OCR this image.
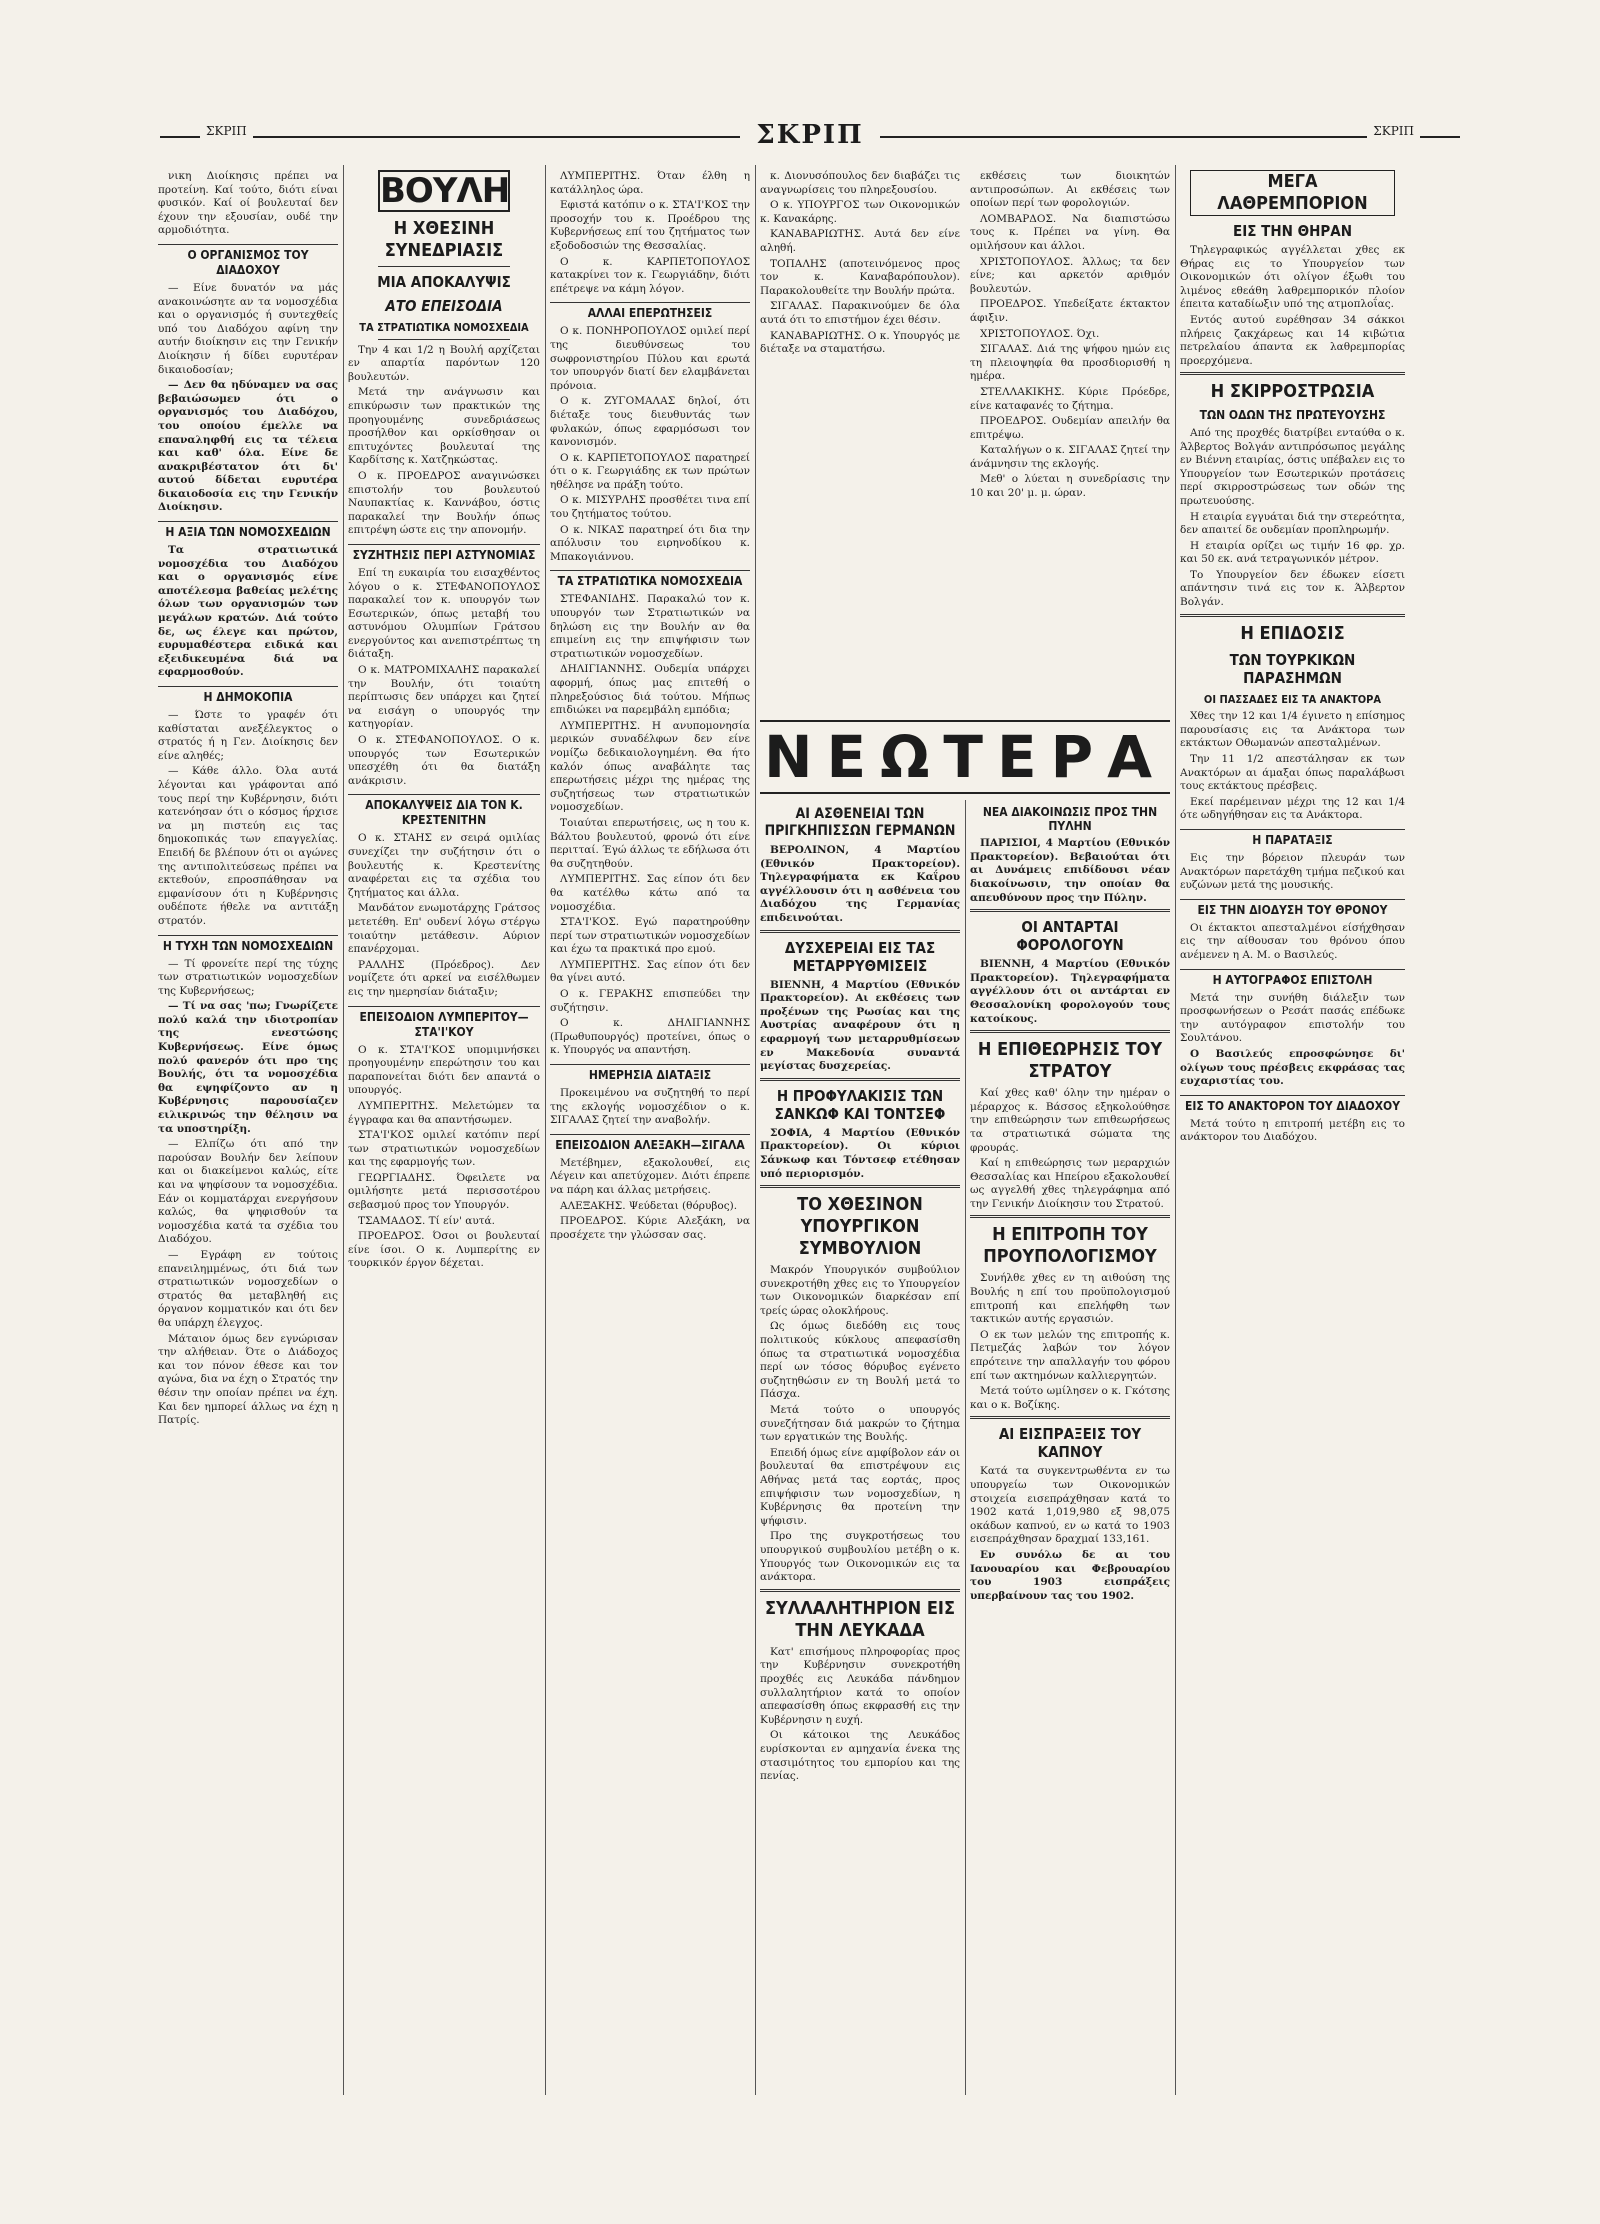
ΣΚΡΙΠ	ΣΚΡΙΠ	ΣΚΡΙΠ

νικη Διοίκησις πρέπει να προτείνη. Καί τούτο, διότι είναι φυσικόν. Καί οί βουλευταί δεν έχουν την εξουσίαν, ουδέ την αρμοδιότητα.

Ο ΟΡΓΑΝΙΣΜΟΣ ΤΟΥ ΔΙΑΔΟΧΟΥ

— Είνε δυνατόν να μάς ανακοινώσητε αν τα νομοσχέδια και ο οργανισμός ή συντεχθείς υπό του Διαδόχου αφίνη την αυτήν διοίκησιν εις την Γενικήν Διοίκησιν ή δίδει ευρυτέραν δικαιοδοσίαν;

— Δεν θα ηδύναμεν να σας βεβαιώσωμεν ότι ο οργανισμός του Διαδόχου, του οποίου έμελλε να επαναληφθή εις τα τέλεια και καθ' όλα. Είνε δε ανακριβέστατον ότι δι' αυτού δίδεται ευρυτέρα δικαιοδοσία εις την Γενικήν Διοίκησιν.

Η ΑΞΙΑ ΤΩΝ ΝΟΜΟΣΧΕΔΙΩΝ

Τα στρατιωτικά νομοσχέδια του Διαδόχου και ο οργανισμός είνε αποτέλεσμα βαθείας μελέτης όλων των οργανισμών των μεγάλων κρατών. Διά τούτο δε, ως έλεγε και πρώτον, ευρυμαθέστερα ειδικά και εξειδικευμένα διά να εφαρμοσθούν.

Η ΔΗΜΟΚΟΠΙΑ

— Ώστε το γραφέν ότι καθίσταται ανεξέλεγκτος ο στρατός ή η Γεν. Διοίκησις δεν είνε αληθές;

— Κάθε άλλο. Όλα αυτά λέγονται και γράφονται από τους περί την Κυβέρνησιν, διότι κατενόησαν ότι ο κόσμος ήρχισε να μη πιστεύη εις τας δημοκοπικάς των επαγγελίας. Επειδή δε βλέπουν ότι οι αγώνες της αντιπολιτεύσεως πρέπει να εκτεθούν, επροσπάθησαν να εμφανίσουν ότι η Κυβέρνησις ουδέποτε ήθελε να αντιτάξη στρατόν.

Η ΤΥΧΗ ΤΩΝ ΝΟΜΟΣΧΕΔΙΩΝ

— Τί φρονείτε περί της τύχης των στρατιωτικών νομοσχεδίων της Κυβερνήσεως;

— Τί να σας 'πω; Γνωρίζετε πολύ καλά την ιδιοτροπίαν της ενεστώσης Κυβερνήσεως. Είνε όμως πολύ φανερόν ότι προ της Βουλής, ότι τα νομοσχέδια θα εψηφίζοντο αν η Κυβέρνησις παρουσίαζεν ειλικρινώς την θέλησιν να τα υποστηρίξη.

— Ελπίζω ότι από την παρούσαν Βουλήν δεν λείπουν και οι διακείμενοι καλώς, είτε και να ψηφίσουν τα νομοσχέδια. Εάν οι κομματάρχαι ενεργήσουν καλώς, θα ψηφισθούν τα νομοσχέδια κατά τα σχέδια του Διαδόχου.

— Εγράφη εν τούτοις επανειλημμένως, ότι διά των στρατιωτικών νομοσχεδίων ο στρατός θα μεταβληθή εις όργανον κομματικόν και ότι δεν θα υπάρχη έλεγχος.

Μάταιον όμως δεν εγνώρισαν την αλήθειαν. Ότε ο Διάδοχος και τον πόνον έθεσε και τον αγώνα, δια να έχη ο Στρατός την θέσιν την οποίαν πρέπει να έχη. Και δεν ημπορεί άλλως να έχη η Πατρίς.

ΒΟΥΛΗ
Η ΧΘΕΣΙΝΗ ΣΥΝΕΔΡΙΑΣΙΣ
ΜΙΑ ΑΠΟΚΑΛΥΨΙΣ
ΑΤΟ ΕΠΕΙΣΟΔΙΑ
ΤΑ ΣΤΡΑΤΙΩΤΙΚΑ ΝΟΜΟΣΧΕΔΙΑ

Την 4 και 1/2 η Βουλή αρχίζεται εν απαρτία παρόντων 120 βουλευτών.

Μετά την ανάγνωσιν και επικύρωσιν των πρακτικών της προηγουμένης συνεδριάσεως προσήλθον και ορκίσθησαν οι επιτυχόντες βουλευταί της Καρδίτσης κ. Χατζηκώστας.

Ο κ. ΠΡΟΕΔΡΟΣ αναγινώσκει επιστολήν του βουλευτού Ναυπακτίας κ. Καννάβου, όστις παρακαλεί την Βουλήν όπως επιτρέψη ώστε εις την απονομήν.

ΣΥΖΗΤΗΣΙΣ ΠΕΡΙ ΑΣΤΥΝΟΜΙΑΣ

Επί τη ευκαιρία του εισαχθέντος λόγου ο κ. ΣΤΕΦΑΝΟΠΟΥΛΟΣ παρακαλεί τον κ. υπουργόν των Εσωτερικών, όπως μεταβή του αστυνόμου Ολυμπίων Γράτσου ενεργούντος και ανεπιστρέπτως τη διάταξη.

Ο κ. ΜΑΤΡΟΜΙΧΑΛΗΣ παρακαλεί την Βουλήν, ότι τοιαύτη περίπτωσις δεν υπάρχει και ζητεί να εισάγη ο υπουργός την κατηγορίαν.

Ο κ. ΣΤΕΦΑΝΟΠΟΥΛΟΣ. Ο κ. υπουργός των Εσωτερικών υπεσχέθη ότι θα διατάξη ανάκρισιν.

ΑΠΟΚΑΛΥΨΕΙΣ ΔΙΑ ΤΟΝ Κ. ΚΡΕΣΤΕΝΙΤΗΝ

Ο κ. ΣΤΑΗΣ εν σειρά ομιλίας συνεχίζει την συζήτησιν ότι ο βουλευτής κ. Κρεστενίτης αναφέρεται εις τα σχέδια του ζητήματος και άλλα.

Μανδάτον ενωμοτάρχης Γράτσος μετετέθη. Επ' ουδενί λόγω στέργω τοιαύτην μετάθεσιν. Αύριον επανέρχομαι.

ΡΑΛΛΗΣ (Πρόεδρος). Δεν νομίζετε ότι αρκεί να εισέλθωμεν εις την ημερησίαν διάταξιν;

ΕΠΕΙΣΟΔΙΟΝ ΛΥΜΠΕΡΙΤΟΥ—ΣΤΑ'Ι'ΚΟΥ

Ο κ. ΣΤΑ'Ι'ΚΟΣ υπομιμνήσκει προηγουμένην επερώτησιν του και παραπονείται διότι δεν απαντά ο υπουργός.

ΛΥΜΠΕΡΙΤΗΣ. Μελετώμεν τα έγγραφα και θα απαντήσωμεν.

ΣΤΑ'Ι'ΚΟΣ ομιλεί κατόπιν περί των στρατιωτικών νομοσχεδίων και της εφαρμογής των.

ΓΕΩΡΓΙΑΔΗΣ. Όφειλετε να ομιλήσητε μετά περισσοτέρου σεβασμού προς τον Υπουργόν.

ΤΣΑΜΑΔΟΣ. Τί είν' αυτά.

ΠΡΟΕΔΡΟΣ. Όσοι οι βουλευταί είνε ίσοι. Ο κ. Λυμπερίτης εν τουρκικόν έργον δέχεται.

ΛΥΜΠΕΡΙΤΗΣ. Όταν έλθη η κατάλληλος ώρα.

Εφιστά κατόπιν ο κ. ΣΤΑ'Ι'ΚΟΣ την προσοχήν του κ. Προέδρου της Κυβερνήσεως επί του ζητήματος των εξοδοδοσιών της Θεσσαλίας.

Ο κ. ΚΑΡΠΕΤΟΠΟΥΛΟΣ κατακρίνει τον κ. Γεωργιάδην, διότι επέτρεψε να κάμη λόγον.

ΑΛΛΑΙ ΕΠΕΡΩΤΗΣΕΙΣ

Ο κ. ΠΟΝΗΡΟΠΟΥΛΟΣ ομιλεί περί της διευθύνσεως του σωφρονιστηρίου Πύλου και ερωτά τον υπουργόν διατί δεν ελαμβάνεται πρόνοια.

Ο κ. ΖΥΓΟΜΑΛΑΣ δηλοί, ότι διέταξε τους διευθυντάς των φυλακών, όπως εφαρμόσωσι τον κανονισμόν.

Ο κ. ΚΑΡΠΕΤΟΠΟΥΛΟΣ παρατηρεί ότι ο κ. Γεωργιάδης εκ των πρώτων ηθέλησε να πράξη τούτο.

Ο κ. ΜΙΣΥΡΛΗΣ προσθέτει τινα επί του ζητήματος τούτου.

Ο κ. ΝΙΚΑΣ παρατηρεί ότι δια την απόλυσιν του ειρηνοδίκου κ. Μπακογιάννου.

ΤΑ ΣΤΡΑΤΙΩΤΙΚΑ ΝΟΜΟΣΧΕΔΙΑ

ΣΤΕΦΑΝΙΔΗΣ. Παρακαλώ τον κ. υπουργόν των Στρατιωτικών να δηλώση εις την Βουλήν αν θα επιμείνη εις την επιψήφισιν των στρατιωτικών νομοσχεδίων.

ΔΗΛΙΓΙΑΝΝΗΣ. Ουδεμία υπάρχει αφορμή, όπως μας επιτεθή ο πληρεξούσιος διά τούτου. Μήπως επιδιώκει να παρεμβάλη εμπόδια;

ΛΥΜΠΕΡΙΤΗΣ. Η ανυπομονησία μερικών συναδέλφων δεν είνε νομίζω δεδικαιολογημένη. Θα ήτο καλόν όπως αναβάλητε τας επερωτήσεις μέχρι της ημέρας της συζητήσεως των στρατιωτικών νομοσχεδίων.

Τοιαύται επερωτήσεις, ως η του κ. Βάλτου βουλευτού, φρονώ ότι είνε περιτταί. Έγώ άλλως τε εδήλωσα ότι θα συζητηθούν.

ΛΥΜΠΕΡΙΤΗΣ. Σας είπον ότι δεν θα κατέλθω κάτω από τα νομοσχέδια.

ΣΤΑ'Ι'ΚΟΣ. Εγώ παρατηρούθην περί των στρατιωτικών νομοσχεδίων και έχω τα πρακτικά προ εμού.

ΛΥΜΠΕΡΙΤΗΣ. Σας είπον ότι δεν θα γίνει αυτό.

Ο κ. ΓΕΡΑΚΗΣ επισπεύδει την συζήτησιν.

Ο κ. ΔΗΛΙΓΙΑΝΝΗΣ (Πρωθυπουργός) προτείνει, όπως ο κ. Υπουργός να απαντήση.

ΗΜΕΡΗΣΙΑ ΔΙΑΤΑΞΙΣ

Προκειμένου να συζητηθή το περί της εκλογής νομοσχέδιον ο κ. ΣΙΓΑΛΑΣ ζητεί την αναβολήν.

ΕΠΕΙΣΟΔΙΟΝ ΑΛΕΞΑΚΗ—ΣΙΓΑΛΑ

Μετέβημεν, εξακολουθεί, εις Λέγειν και απετύχομεν. Διότι έπρεπε να πάρη και άλλας μετρήσεις.

ΑΛΕΞΑΚΗΣ. Ψεύδεται (θόρυβος).

ΠΡΟΕΔΡΟΣ. Κύριε Αλεξάκη, να προσέχετε την γλώσσαν σας.

κ. Διονυσόπουλος δεν διαβάζει τις αναγνωρίσεις του πληρεξουσίου.

Ο κ. ΥΠΟΥΡΓΟΣ των Οικονομικών κ. Κανακάρης.

ΚΑΝΑΒΑΡΙΩΤΗΣ. Αυτά δεν είνε αληθή.

ΤΟΠΑΛΗΣ (αποτεινόμενος προς τον κ. Καναβαρόπουλον). Παρακολουθείτε την Βουλήν πρώτα.

ΣΙΓΑΛΑΣ. Παρακινούμεν δε όλα αυτά ότι το επιστήμον έχει θέσιν.

ΚΑΝΑΒΑΡΙΩΤΗΣ. Ο κ. Υπουργός με διέταξε να σταματήσω.

εκθέσεις των διοικητών αντιπροσώπων. Αι εκθέσεις των οποίων περί των φορολογιών.

ΛΟΜΒΑΡΔΟΣ. Να διαπιστώσω τους κ. Πρέπει να γίνη. Θα ομιλήσουν και άλλοι.

ΧΡΙΣΤΟΠΟΥΛΟΣ. Άλλως; τα δεν είνε; και αρκετόν αριθμόν βουλευτών.

ΠΡΟΕΔΡΟΣ. Υπεδείξατε έκτακτον άφιξιν.

ΧΡΙΣΤΟΠΟΥΛΟΣ. Όχι.

ΣΙΓΑΛΑΣ. Διά της ψήφου ημών εις τη πλειοψηφία θα προσδιορισθή η ημέρα.

ΣΤΕΛΛΑΚΙΚΗΣ. Κύριε Πρόεδρε, είνε καταφανές το ζήτημα.

ΠΡΟΕΔΡΟΣ. Ουδεμίαν απειλήν θα επιτρέψω.

Καταλήγων ο κ. ΣΙΓΑΛΑΣ ζητεί την άνάμνησιν της εκλογής.

Μεθ' ο λύεται η συνεδρίασις την 10 και 20' μ. μ. ώραν.

ΝΕΩΤΕΡΑ
ΑΙ ΑΣΘΕΝΕΙΑΙ ΤΩΝ ΠΡΙΓΚΗΠΙΣΣΩΝ ΓΕΡΜΑΝΩΝ

ΒΕΡΟΛΙΝΟΝ, 4 Μαρτίου (Εθνικόν Πρακτορείον). Τηλεγραφήματα εκ Καΐρου αγγέλλουσιν ότι η ασθένεια του Διαδόχου της Γερμανίας επιδεινούται.

ΔΥΣΧΕΡΕΙΑΙ ΕΙΣ ΤΑΣ ΜΕΤΑΡΡΥΘΜΙΣΕΙΣ

ΒΙΕΝΝΗ, 4 Μαρτίου (Εθνικόν Πρακτορείον). Αι εκθέσεις των προξένων της Ρωσίας και της Αυστρίας αναφέρουν ότι η εφαρμογή των μεταρρυθμίσεων εν Μακεδονία συναντά μεγίστας δυσχερείας.

Η ΠΡΟΦΥΛΑΚΙΣΙΣ ΤΩΝ ΣΑΝΚΩΦ ΚΑΙ ΤΟΝΤΣΕΦ

ΣΟΦΙΑ, 4 Μαρτίου (Εθνικόν Πρακτορείον). Οι κύριοι Σάνκωφ και Τόντσεφ ετέθησαν υπό περιορισμόν.

ΤΟ ΧΘΕΣΙΝΟΝ ΥΠΟΥΡΓΙΚΟΝ ΣΥΜΒΟΥΛΙΟΝ

Μακρόν Υπουργικόν συμβούλιον συνεκροτήθη χθες εις το Υπουργείον των Οικονομικών διαρκέσαν επί τρείς ώρας ολοκλήρους.

Ως όμως διεδόθη εις τους πολιτικούς κύκλους απεφασίσθη όπως τα στρατιωτικά νομοσχέδια περί ων τόσος θόρυβος εγένετο συζητηθώσιν εν τη Βουλή μετά το Πάσχα.

Μετά τούτο ο υπουργός συνεζήτησαν διά μακρών το ζήτημα των εργατικών της Βουλής.

Επειδή όμως είνε αμφίβολον εάν οι βουλευταί θα επιστρέψουν εις Αθήνας μετά τας εορτάς, προς επιψήφισιν των νομοσχεδίων, η Κυβέρνησις θα προτείνη την ψήφισιν.

Προ της συγκροτήσεως του υπουργικού συμβουλίου μετέβη ο κ. Υπουργός των Οικονομικών εις τα ανάκτορα.

ΣΥΛΛΑΛΗΤΗΡΙΟΝ ΕΙΣ ΤΗΝ ΛΕΥΚΑΔΑ

Κατ' επισήμους πληροφορίας προς την Κυβέρνησιν συνεκροτήθη προχθές εις Λευκάδα πάνδημον συλλαλητήριον κατά το οποίον απεφασίσθη όπως εκφρασθή εις την Κυβέρνησιν η ευχή.

Οι κάτοικοι της Λευκάδος ευρίσκονται εν αμηχανία ένεκα της στασιμότητος του εμπορίου και της πενίας.

ΝΕΑ ΔΙΑΚΟΙΝΩΣΙΣ ΠΡΟΣ ΤΗΝ ΠΥΛΗΝ

ΠΑΡΙΣΙΟΙ, 4 Μαρτίου (Εθνικόν Πρακτορείον). Βεβαιούται ότι αι Δυνάμεις επιδίδουσι νέαν διακοίνωσιν, την οποίαν θα απευθύνουν προς την Πύλην.

ΟΙ ΑΝΤΑΡΤΑΙ ΦΟΡΟΛΟΓΟΥΝ

ΒΙΕΝΝΗ, 4 Μαρτίου (Εθνικόν Πρακτορείον). Τηλεγραφήματα αγγέλλουν ότι οι αντάρται εν Θεσσαλονίκη φορολογούν τους κατοίκους.

Η ΕΠΙΘΕΩΡΗΣΙΣ ΤΟΥ ΣΤΡΑΤΟΥ

Καί χθες καθ' όλην την ημέραν ο μέραρχος κ. Βάσσος εξηκολούθησε την επιθεώρησιν των επιθεωρήσεως τα στρατιωτικά σώματα της φρουράς.

Καί η επιθεώρησις των μεραρχιών Θεσσαλίας και Ηπείρου εξακολουθεί ως αγγελθή χθες τηλεγράφημα από την Γενικήν Διοίκησιν του Στρατού.

Η ΕΠΙΤΡΟΠΗ ΤΟΥ ΠΡΟΥΠΟΛΟΓΙΣΜΟΥ

Συνήλθε χθες εν τη αιθούση της Βουλής η επί του προϋπολογισμού επιτροπή και επελήφθη των τακτικών αυτής εργασιών.

Ο εκ των μελών της επιτροπής κ. Πετμεζάς λαβών τον λόγον επρότεινε την απαλλαγήν του φόρου επί των ακτημόνων καλλιεργητών.

Μετά τούτο ωμίλησεν ο κ. Γκότσης και ο κ. Βοζίκης.

ΑΙ ΕΙΣΠΡΑΞΕΙΣ ΤΟΥ ΚΑΠΝΟΥ

Κατά τα συγκεντρωθέντα εν τω υπουργείω των Οικονομικών στοιχεία εισεπράχθησαν κατά το 1902 κατά 1,019,980 εξ 98,075 οκάδων καπνού, εν ω κατά το 1903 εισεπράχθησαν δραχμαί 133,161.

Εν συνόλω δε αι του Ιανουαρίου και Φεβρουαρίου του 1903 εισπράξεις υπερβαίνουν τας του 1902.

ΜΕΓΑ ΛΑΘΡΕΜΠΟΡΙΟΝ
ΕΙΣ ΤΗΝ ΘΗΡΑΝ

Τηλεγραφικώς αγγέλλεται χθες εκ Θήρας εις το Υπουργείον των Οικονομικών ότι ολίγον έξωθι του λιμένος εθεάθη λαθρεμπορικόν πλοίον έπειτα καταδίωξιν υπό της ατμοπλοΐας.

Εντός αυτού ευρέθησαν 34 σάκκοι πλήρεις ζακχάρεως και 14 κιβώτια πετρελαίου άπαντα εκ λαθρεμπορίας προερχόμενα.

Η ΣΚΙΡΡΟΣΤΡΩΣΙΑ
ΤΩΝ ΟΔΩΝ ΤΗΣ ΠΡΩΤΕΥΟΥΣΗΣ

Από της προχθές διατρίβει ενταύθα ο κ. Άλβερτος Βολγάν αντιπρόσωπος μεγάλης εν Βιέννη εταιρίας, όστις υπέβαλεν εις το Υπουργείον των Εσωτερικών προτάσεις περί σκιρροστρώσεως των οδών της πρωτευούσης.

Η εταιρία εγγυάται διά την στερεότητα, δεν απαιτεί δε ουδεμίαν προπληρωμήν.

Η εταιρία ορίζει ως τιμήν 16 φρ. χρ. και 50 εκ. ανά τετραγωνικόν μέτρον.

Το Υπουργείον δεν έδωκεν είσετι απάντησιν τινά εις τον κ. Άλβερτον Βολγάν.

Η ΕΠΙΔΟΣΙΣ
ΤΩΝ ΤΟΥΡΚΙΚΩΝ ΠΑΡΑΣΗΜΩΝ
ΟΙ ΠΑΣΣΑΔΕΣ ΕΙΣ ΤΑ ΑΝΑΚΤΟΡΑ

Χθες την 12 και 1/4 έγινετο η επίσημος παρουσίασις εις τα Ανάκτορα των εκτάκτων Οθωμανών απεσταλμένων.

Την 11 1/2 απεστάλησαν εκ των Ανακτόρων αι άμαξαι όπως παραλάβωσι τους εκτάκτους πρέσβεις.

Εκεί παρέμειναν μέχρι της 12 και 1/4 ότε ωδηγήθησαν εις τα Ανάκτορα.

Η ΠΑΡΑΤΑΞΙΣ

Εις την βόρειον πλευράν των Ανακτόρων παρετάχθη τμήμα πεζικού και ευζώνων μετά της μουσικής.

ΕΙΣ ΤΗΝ ΔΙΟΔΥΣΗ ΤΟΥ ΘΡΟΝΟΥ

Οι έκτακτοι απεσταλμένοι είσήχθησαν εις την αίθουσαν του θρόνου όπου ανέμενεν η Α. Μ. ο Βασιλεύς.

Η ΑΥΤΟΓΡΑΦΟΣ ΕΠΙΣΤΟΛΗ

Μετά την συνήθη διάλεξιν των προσφωνήσεων ο Ρεσάτ πασάς επέδωκε την αυτόγραφον επιστολήν του Σουλτάνου.

Ο Βασιλεύς επροσφώνησε δι' ολίγων τους πρέσβεις εκφράσας τας ευχαριστίας του.

ΕΙΣ ΤΟ ΑΝΑΚΤΟΡΟΝ ΤΟΥ ΔΙΑΔΟΧΟΥ

Μετά τούτο η επιτροπή μετέβη εις το ανάκτορον του Διαδόχου.
